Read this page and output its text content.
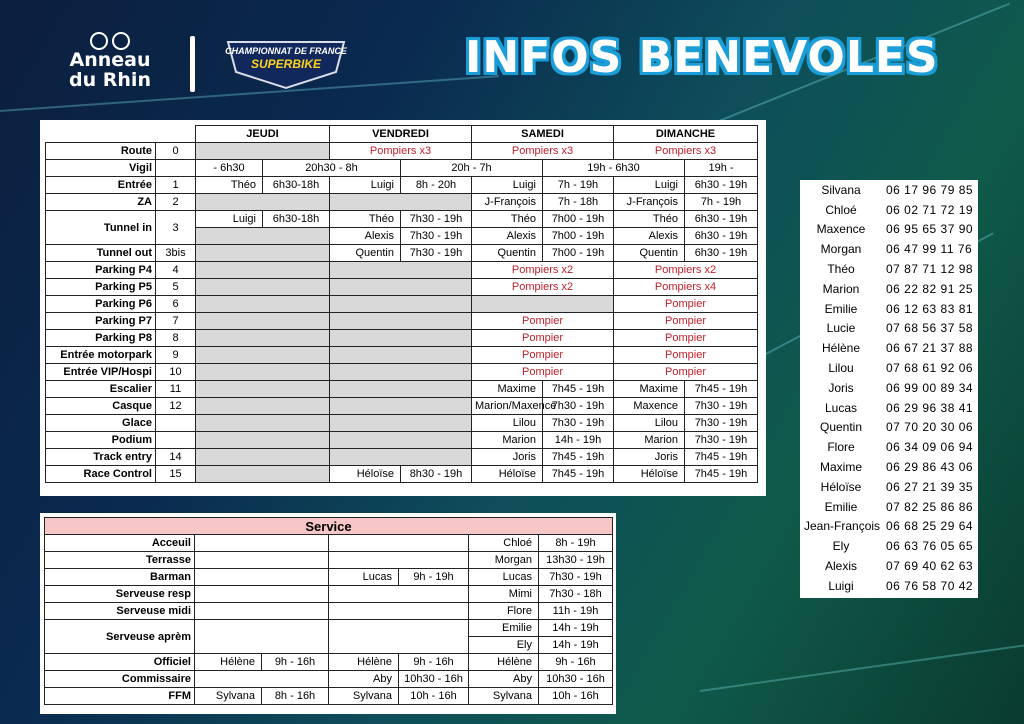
Anneau
du Rhin
CHAMPIONNAT DE FRANCE
SUPERBIKE	INFOS BENEVOLES
		JEUDI		VENDREDI		SAMEDI		DIMANCHE	
Route	0			Pompiers x3		Pompiers x3		Pompiers x3	
Vigil		- 6h30	20h30 - 8h		20h - 7h		19h - 6h30		19h -
Entrée	1	Théo	6h30-18h	Luigi	8h - 20h	Luigi	7h - 19h	Luigi	6h30 - 19h
ZA	2					J-François	7h - 18h	J-François	7h - 19h
Tunnel in	3	Luigi	6h30-18h	Théo	7h30 - 19h	Théo	7h00 - 19h	Théo	6h30 - 19h
				Alexis	7h30 - 19h	Alexis	7h00 - 19h	Alexis	6h30 - 19h
Tunnel out	3bis			Quentin	7h30 - 19h	Quentin	7h00 - 19h	Quentin	6h30 - 19h
Parking P4	4					Pompiers x2		Pompiers x2	
Parking P5	5					Pompiers x2		Pompiers x4	
Parking P6	6							Pompier	
Parking P7	7					Pompier		Pompier	
Parking P8	8					Pompier		Pompier	
Entrée motorpark	9					Pompier		Pompier	
Entrée VIP/Hospi	10					Pompier		Pompier	
Escalier	11					Maxime	7h45 - 19h	Maxime	7h45 - 19h
Casque	12					Marion/Maxence	7h30 - 19h	Maxence	7h30 - 19h
Glace						Lilou	7h30 - 19h	Lilou	7h30 - 19h
Podium						Marion	14h - 19h	Marion	7h30 - 19h
Track entry	14					Joris	7h45 - 19h	Joris	7h45 - 19h
Race Control	15			Héloïse	8h30 - 19h	Héloïse	7h45 - 19h	Héloïse	7h45 - 19h
Service						
Acceuil					Chloé	8h - 19h
Terrasse					Morgan	13h30 - 19h
Barman			Lucas	9h - 19h	Lucas	7h30 - 19h
Serveuse resp					Mimi	7h30 - 18h
Serveuse midi					Flore	11h - 19h
Serveuse aprèm					Emilie	14h - 19h
					Ely	14h - 19h
Officiel	Hélène	9h - 16h	Hélène	9h - 16h	Hélène	9h - 16h
Commissaire			Aby	10h30 - 16h	Aby	10h30 - 16h
FFM	Sylvana	8h - 16h	Sylvana	10h - 16h	Sylvana	10h - 16h
Silvana	06 17 96 79 85
Chloé	06 02 71 72 19
Maxence	06 95 65 37 90
Morgan	06 47 99 11 76
Théo	07 87 71 12 98
Marion	06 22 82 91 25
Emilie	06 12 63 83 81
Lucie	07 68 56 37 58
Hélène	06 67 21 37 88
Lilou	07 68 61 92 06
Joris	06 99 00 89 34
Lucas	06 29 96 38 41
Quentin	07 70 20 30 06
Flore	06 34 09 06 94
Maxime	06 29 86 43 06
Héloïse	06 27 21 39 35
Emilie	07 82 25 86 86
Jean-François	06 68 25 29 64
Ely	06 63 76 05 65
Alexis	07 69 40 62 63
Luigi	06 76 58 70 42
